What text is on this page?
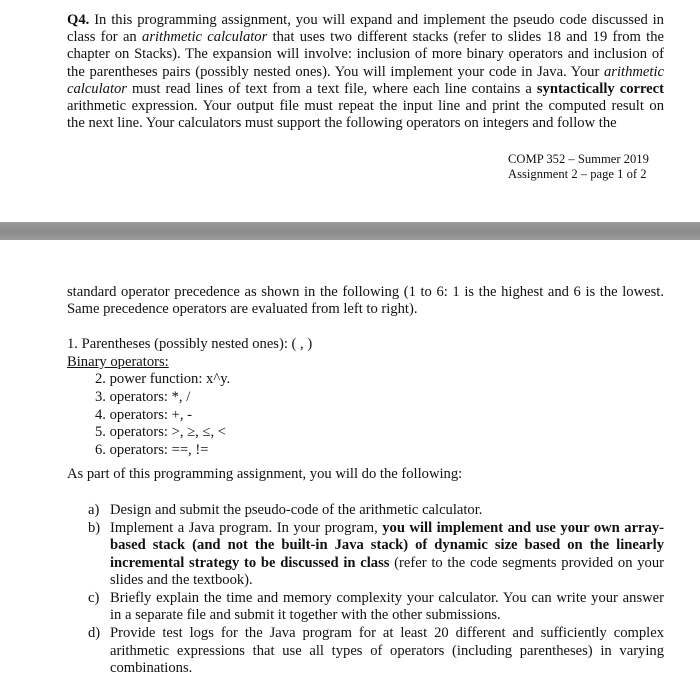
Q4. In this programming assignment, you will expand and implement the pseudo code discussed in
class for an arithmetic calculator that uses two different stacks (refer to slides 18 and 19 from the
chapter on Stacks). The expansion will involve: inclusion of more binary operators and inclusion of
the parentheses pairs (possibly nested ones). You will implement your code in Java. Your arithmetic
calculator must read lines of text from a text file, where each line contains a syntactically correct
arithmetic expression. Your output file must repeat the input line and print the computed result on
the next line. Your calculators must support the following operators on integers and follow the

COMP 352 – Summer 2019
Assignment 2 – page 1 of 2
standard operator precedence as shown in the following (1 to 6: 1 is the highest and 6 is the lowest.
Same precedence operators are evaluated from left to right).
1. Parentheses (possibly nested ones): ( , )
Binary operators:
2. power function: x^y.
3. operators: *, /
4. operators: +, -
5. operators: >, ≥, ≤, <
6. operators: ==, !=
As part of this programming assignment, you will do the following:
a) Design and submit the pseudo-code of the arithmetic calculator.
b) Implement a Java program. In your program, you will implement and use your own array-
based stack (and not the built-in Java stack) of dynamic size based on the linearly
incremental strategy to be discussed in class (refer to the code segments provided on your
slides and the textbook).
c) Briefly explain the time and memory complexity your calculator. You can write your answer
in a separate file and submit it together with the other submissions.
d) Provide test logs for the Java program for at least 20 different and sufficiently complex
arithmetic expressions that use all types of operators (including parentheses) in varying
combinations.
